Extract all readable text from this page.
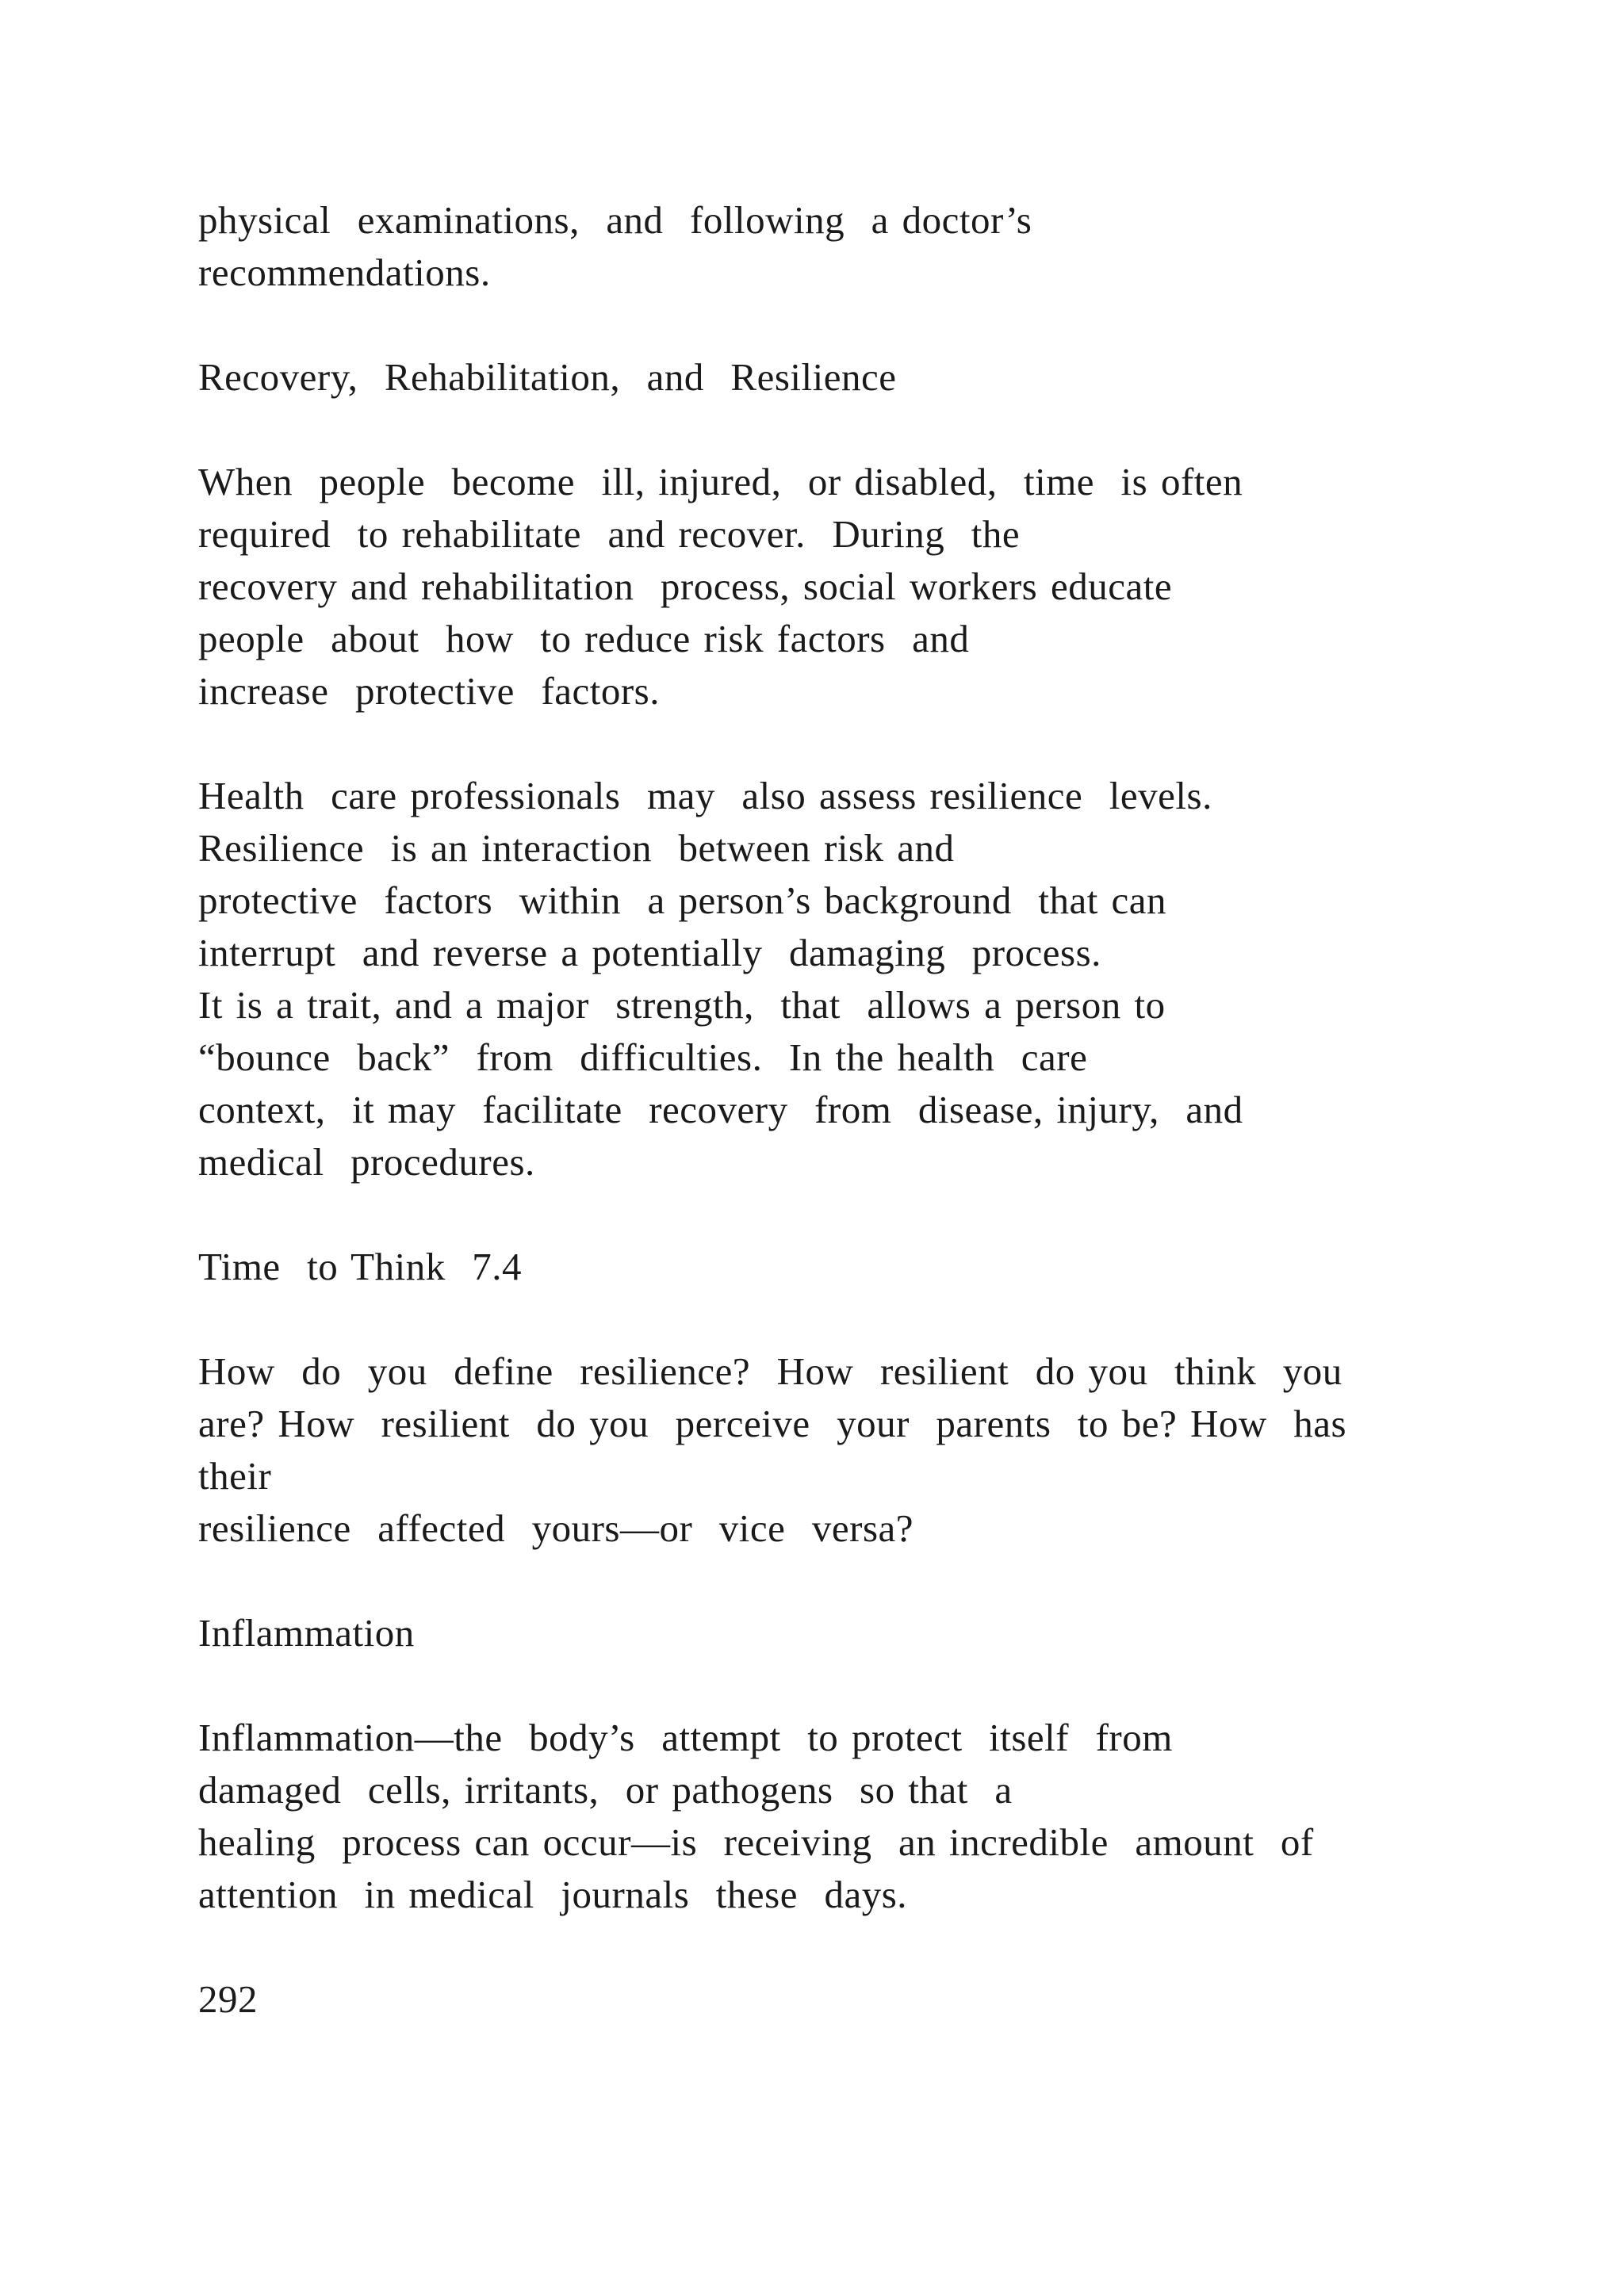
physical  examinations,  and  following  a doctor’s
recommendations.
Recovery,  Rehabilitation,  and  Resilience
When  people  become  ill, injured,  or disabled,  time  is often
required  to rehabilitate  and recover.  During  the
recovery and rehabilitation  process, social workers educate
people  about  how  to reduce risk factors  and
increase  protective  factors.
Health  care professionals  may  also assess resilience  levels.
Resilience  is an interaction  between risk and
protective  factors  within  a person’s background  that can
interrupt  and reverse a potentially  damaging  process.
It is a trait, and a major  strength,  that  allows a person to
“bounce  back”  from  difficulties.  In the health  care
context,  it may  facilitate  recovery  from  disease, injury,  and
medical  procedures.
Time  to Think  7.4
How  do  you  define  resilience?  How  resilient  do you  think  you
are? How  resilient  do you  perceive  your  parents  to be? How  has
their
resilience  affected  yours—or  vice  versa?
Inflammation
Inflammation—the  body’s  attempt  to protect  itself  from
damaged  cells, irritants,  or pathogens  so that  a
healing  process can occur—is  receiving  an incredible  amount  of
attention  in medical  journals  these  days.
292
